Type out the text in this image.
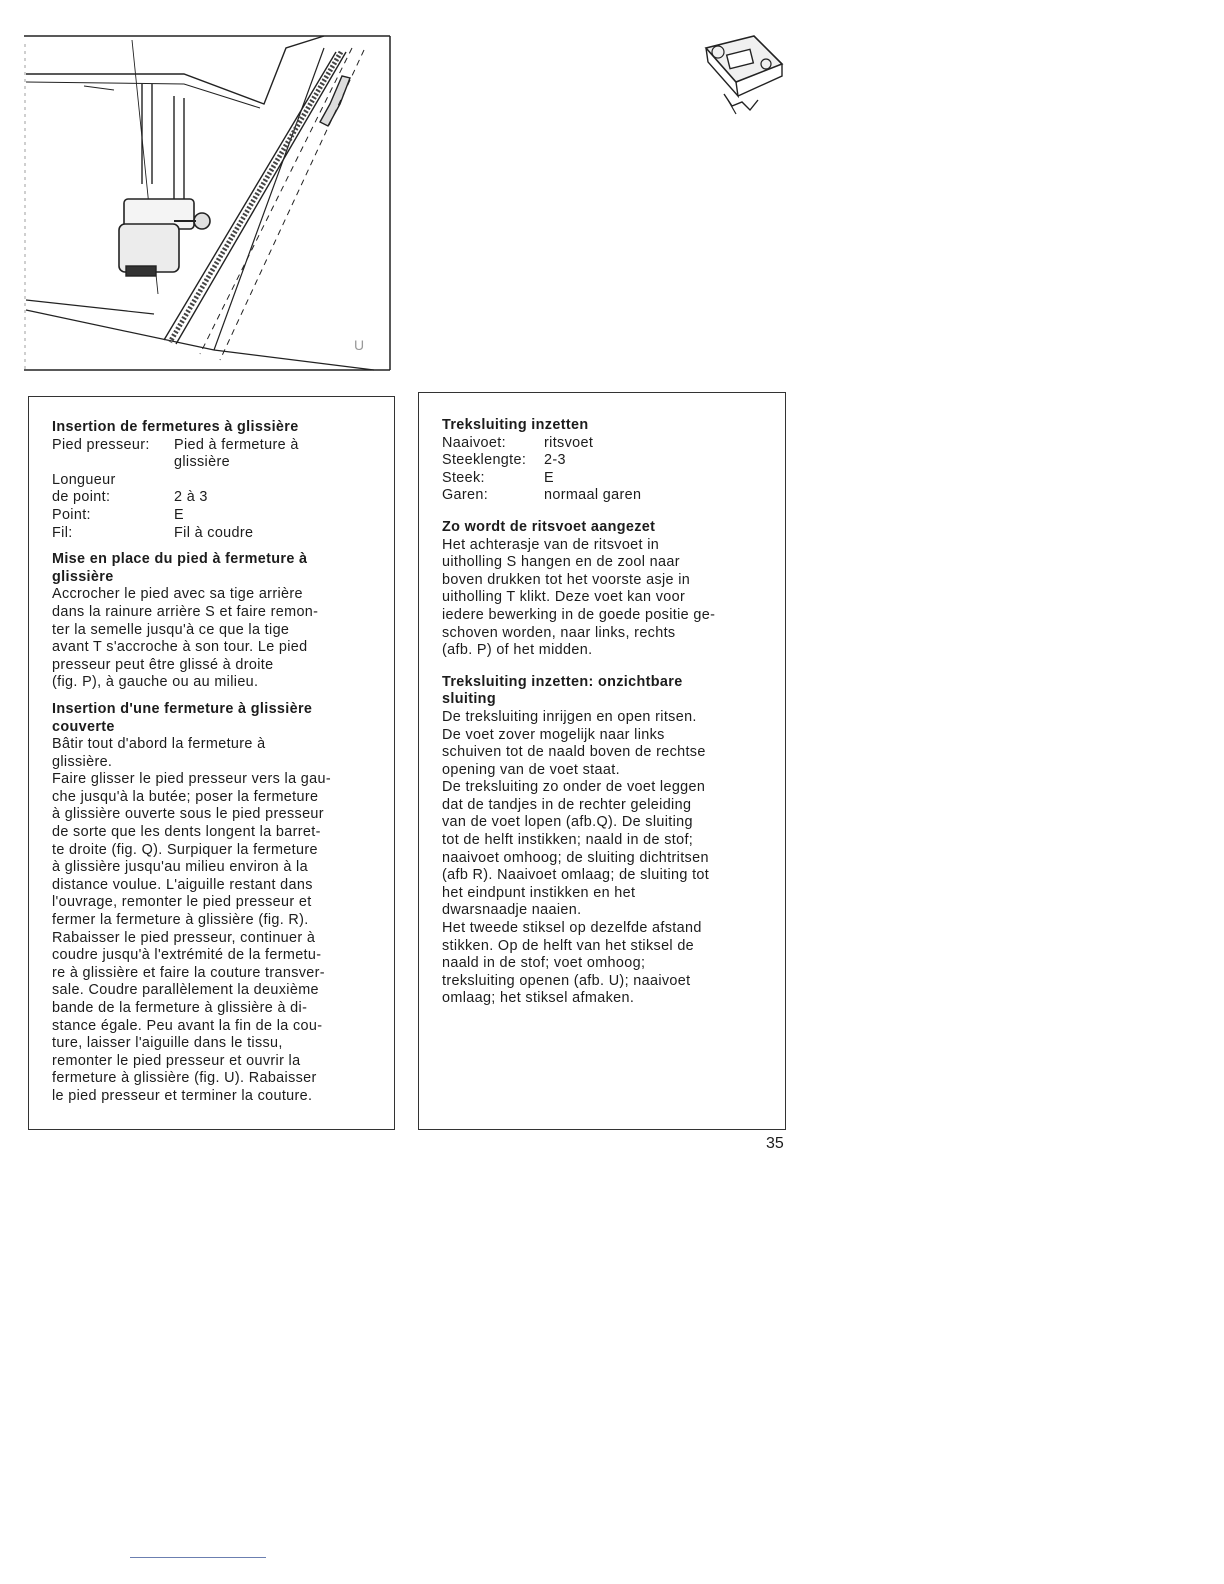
U

Insertion de fermetures à glissière

Pied presseur:	Pied à fermeture à
glissière
Longueur
de point:	2 à 3
Point:	E
Fil:	Fil à coudre

Mise en place du pied à fermeture à
glissière

Accrocher le pied avec sa tige arrière
dans la rainure arrière S et faire remon-
ter la semelle jusqu'à ce que la tige
avant T s'accroche à son tour. Le pied
presseur peut être glissé à droite
(fig. P), à gauche ou au milieu.

Insertion d'une fermeture à glissière
couverte

Bâtir tout d'abord la fermeture à
glissière.
Faire glisser le pied presseur vers la gau-
che jusqu'à la butée; poser la fermeture
à glissière ouverte sous le pied presseur
de sorte que les dents longent la barret-
te droite (fig. Q). Surpiquer la fermeture
à glissière jusqu'au milieu environ à la
distance voulue. L'aiguille restant dans
l'ouvrage, remonter le pied presseur et
fermer la fermeture à glissière (fig. R).
Rabaisser le pied presseur, continuer à
coudre jusqu'à l'extrémité de la fermetu-
re à glissière et faire la couture transver-
sale. Coudre parallèlement la deuxième
bande de la fermeture à glissière à di-
stance égale. Peu avant la fin de la cou-
ture, laisser l'aiguille dans le tissu,
remonter le pied presseur et ouvrir la
fermeture à glissière (fig. U). Rabaisser
le pied presseur et terminer la couture.

Treksluiting inzetten

Naaivoet:	ritsvoet
Steeklengte:	2-3
Steek:	E
Garen:	normaal garen

Zo wordt de ritsvoet aangezet

Het achterasje van de ritsvoet in
uitholling S hangen en de zool naar
boven drukken tot het voorste asje in
uitholling T klikt. Deze voet kan voor
iedere bewerking in de goede positie ge-
schoven worden, naar links, rechts
(afb. P) of het midden.

Treksluiting inzetten: onzichtbare
sluiting

De treksluiting inrijgen en open ritsen.
De voet zover mogelijk naar links
schuiven tot de naald boven de rechtse
opening van de voet staat.
De treksluiting zo onder de voet leggen
dat de tandjes in de rechter geleiding
van de voet lopen (afb.Q). De sluiting
tot de helft instikken; naald in de stof;
naaivoet omhoog; de sluiting dichtritsen
(afb R). Naaivoet omlaag; de sluiting tot
het eindpunt instikken en het
dwarsnaadje naaien.
Het tweede stiksel op dezelfde afstand
stikken. Op de helft van het stiksel de
naald in de stof; voet omhoog;
treksluiting openen (afb. U); naaivoet
omlaag; het stiksel afmaken.

35
